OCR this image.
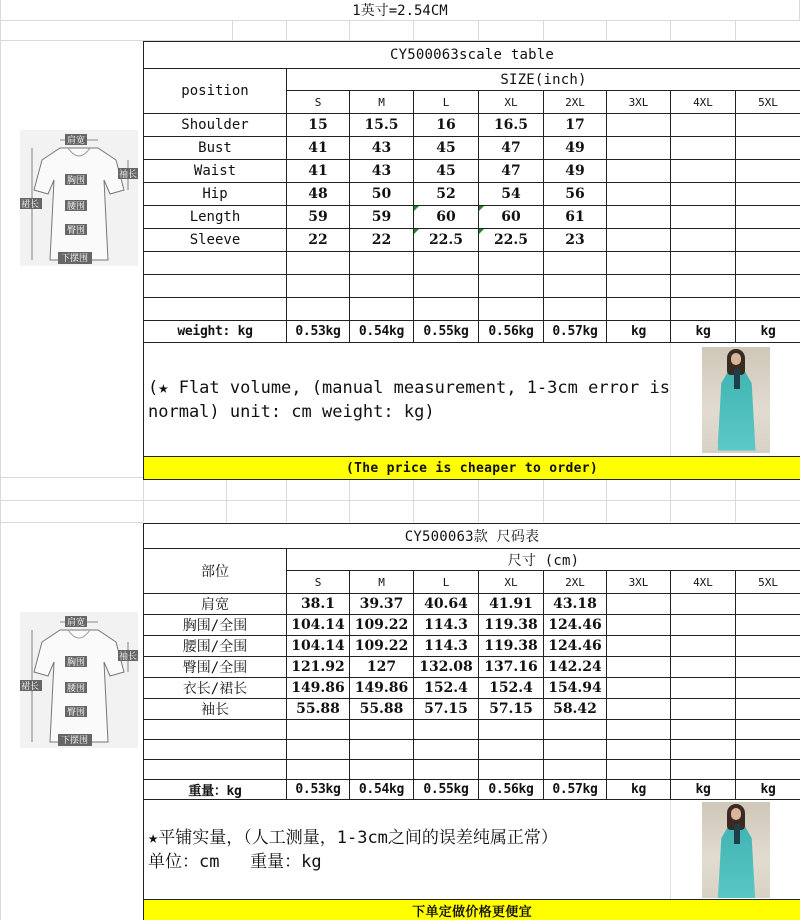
1英寸=2.54CM
肩宽
袖长
胸围
裙长	腰围
臀围
下摆围
CY500063scale table								
position	SIZE(inch)							
	S	M	L	XL	2XL	3XL	4XL	5XL
Shoulder	15	15.5	16	16.5	17			
Bust	41	43	45	47	49			
Waist	41	43	45	47	49			
Hip	48	50	52	54	56			
Length	59	59	60	60	61			
Sleeve	22	22	22.5	22.5	23			

weight: kg	0.53kg	0.54kg	0.55kg	0.56kg	0.57kg	kg	kg	kg
(★ Flat volume, (manual measurement, 1-3cm error is normal) unit: cm weight: kg)								

(The price is cheaper to order)								
肩宽
袖长
胸围
裙长	腰围
臀围
下摆围
CY500063款 尺码表								
部位	尺寸 (cm)							
	S	M	L	XL	2XL	3XL	4XL	5XL
肩宽	38.1	39.37	40.64	41.91	43.18			
胸围/全围	104.14	109.22	114.3	119.38	124.46			
腰围/全围	104.14	109.22	114.3	119.38	124.46			
臀围/全围	121.92	127	132.08	137.16	142.24			
衣长/裙长	149.86	149.86	152.4	152.4	154.94			
袖长	55.88	55.88	57.15	57.15	58.42			

重量：kg	0.53kg	0.54kg	0.55kg	0.56kg	0.57kg	kg	kg	kg

★平铺实量，（人工测量，1-3cm之间的误差纯属正常）
单位：cm   重量：kg								

下单定做价格更便宜								
